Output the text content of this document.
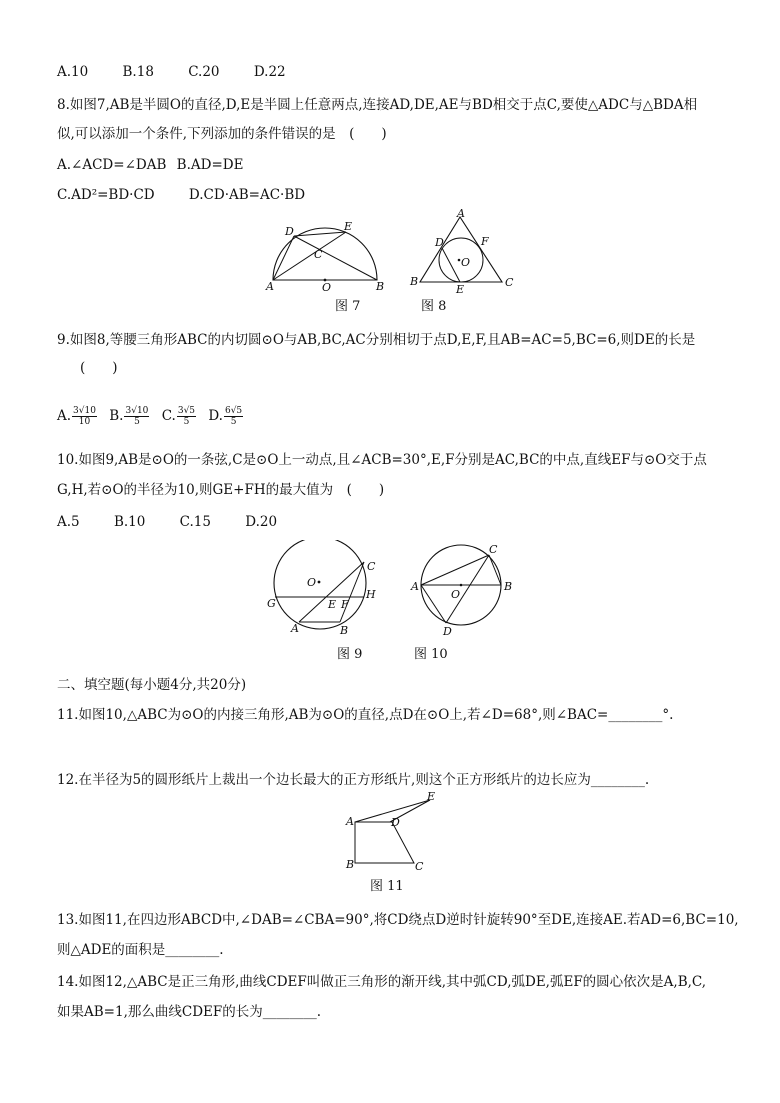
A.10	B.18	C.20	D.22
8.如图7,AB是半圆O的直径,D,E是半圆上任意两点,连接AD,DE,AE与BD相交于点C,要使△ADC与△BDA相
似,可以添加一个条件,下列添加的条件错误的是　(　　)
A.∠ACD=∠DAB B.AD=DE
C.AD²=BD·CD	D.CD·AB=AC·BD
D	E
C
A	O	B
图 7
A
D	F
O
B
E
C
图 8
9.如图8,等腰三角形ABC的内切圆⊙O与AB,BC,AC分别相切于点D,E,F,且AB=AC=5,BC=6,则DE的长是
(　　)
A. $\frac{3√10}{10} B$. $\frac{3√10}{5} C$. $\frac{3√5}{5} D$. $\frac{6√5}{5}$
10.如图9,AB是⊙O的一条弦,C是⊙O上一动点,且∠ACB=30°,E,F分别是AC,BC的中点,直线EF与⊙O交于点
G,H,若⊙O的半径为10,则GE+FH的最大值为　(　　)
A.5	B.10	C.15	D.20
O
C
G	E F
H
A	B
图 9
C
A
O
B
D
图 10
二、填空题(每小题4分,共20分)
11.如图10,△ABC为⊙O的内接三角形,AB为⊙O的直径,点D在⊙O上,若∠D=68°,则∠BAC=________°.
12.在半径为5的圆形纸片上裁出一个边长最大的正方形纸片,则这个正方形纸片的边长应为________.
E
A	D
B	C
图 11
13.如图11,在四边形ABCD中,∠DAB=∠CBA=90°,将CD绕点D逆时针旋转90°至DE,连接AE.若AD=6,BC=10,
则△ADE的面积是________.
14.如图12,△ABC是正三角形,曲线CDEF叫做正三角形的渐开线,其中弧CD,弧DE,弧EF的圆心依次是A,B,C,
如果AB=1,那么曲线CDEF的长为________.
